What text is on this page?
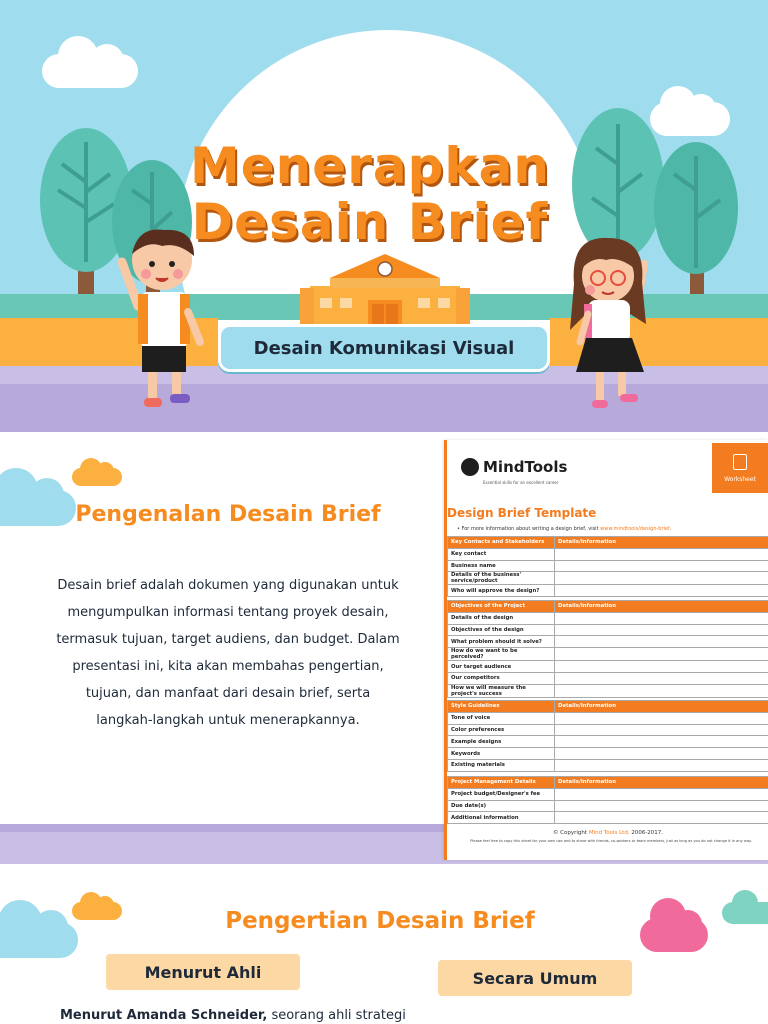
Menerapkan
Desain Brief
Desain Komunikasi Visual
Pengenalan Desain Brief

Desain brief adalah dokumen yang digunakan untuk mengumpulkan informasi tentang proyek desain, termasuk tujuan, target audiens, dan budget. Dalam presentasi ini, kita akan membahas pengertian, tujuan, dan manfaat dari desain brief, serta langkah-langkah untuk menerapkannya.

MindTools
Essential skills for an excellent career	Worksheet
Design Brief Template
• For more information about writing a design brief, visit www.mindtools/design-brief.
Key Contacts and Stakeholders	Details/Information
Key contact	
Business name	
Details of the business' service/product	
Who will approve the design?	
Objectives of the Project	Details/Information
Details of the design	
Objectives of the design	
What problem should it solve?	
How do we want to be perceived?	
Our target audience	
Our competitors	
How we will measure the project's success	
Style Guidelines	Details/Information
Tone of voice	
Color preferences	
Example designs	
Keywords	
Existing materials	
Project Management Details	Details/Information
Project budget/Designer's fee	
Due date(s)	
Additional information	
© Copyright Mind Tools Ltd, 2006-2017.
Please feel free to copy this sheet for your own use and to share with friends, co-workers or team members, just as long as you do not change it in any way.
Pengertian Desain Brief
Menurut Ahli	Secara Umum

Menurut Amanda Schneider, seorang ahli strategi
